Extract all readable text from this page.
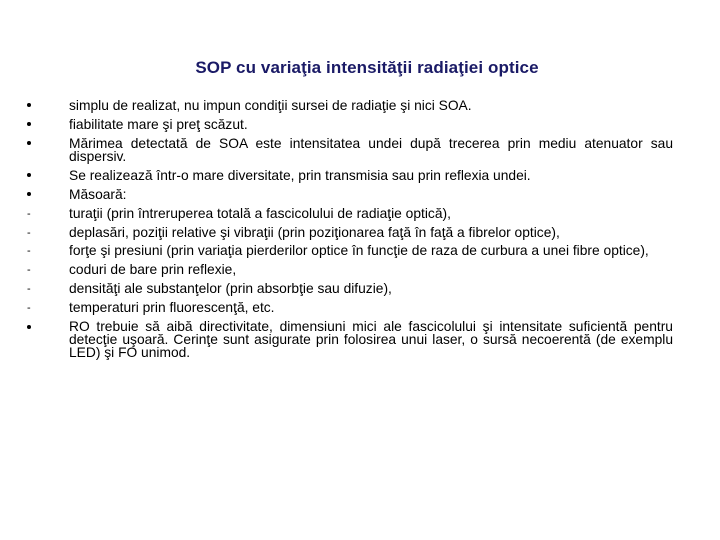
SOP cu variaţia intensităţii radiaţiei optice
simplu de realizat, nu impun condiţii sursei de radiaţie şi nici SOA.
fiabilitate mare şi preţ scăzut.
Mărimea detectată de SOA este intensitatea undei după trecerea prin mediu atenuator sau dispersiv.
Se realizează într-o mare diversitate, prin transmisia sau prin reflexia undei.
Măsoară:
-	turaţii (prin întreruperea totală a fascicolului de radiaţie optică),
-	deplasări, poziţii relative şi vibraţii (prin poziţionarea faţă în faţă a fibrelor optice),
-	forţe şi presiuni (prin variaţia pierderilor optice în funcţie de raza de curbura a unei fibre optice),
-	coduri de bare prin reflexie,
-	densităţi ale substanţelor (prin absorbţie sau difuzie),
-	temperaturi prin fluorescenţă, etc.
RO trebuie să aibă directivitate, dimensiuni mici ale fascicolului şi intensitate suficientă pentru detecţie uşoară. Cerinţe sunt asigurate prin folosirea unui laser, o sursă necoerentă (de exemplu LED) şi FO unimod.
